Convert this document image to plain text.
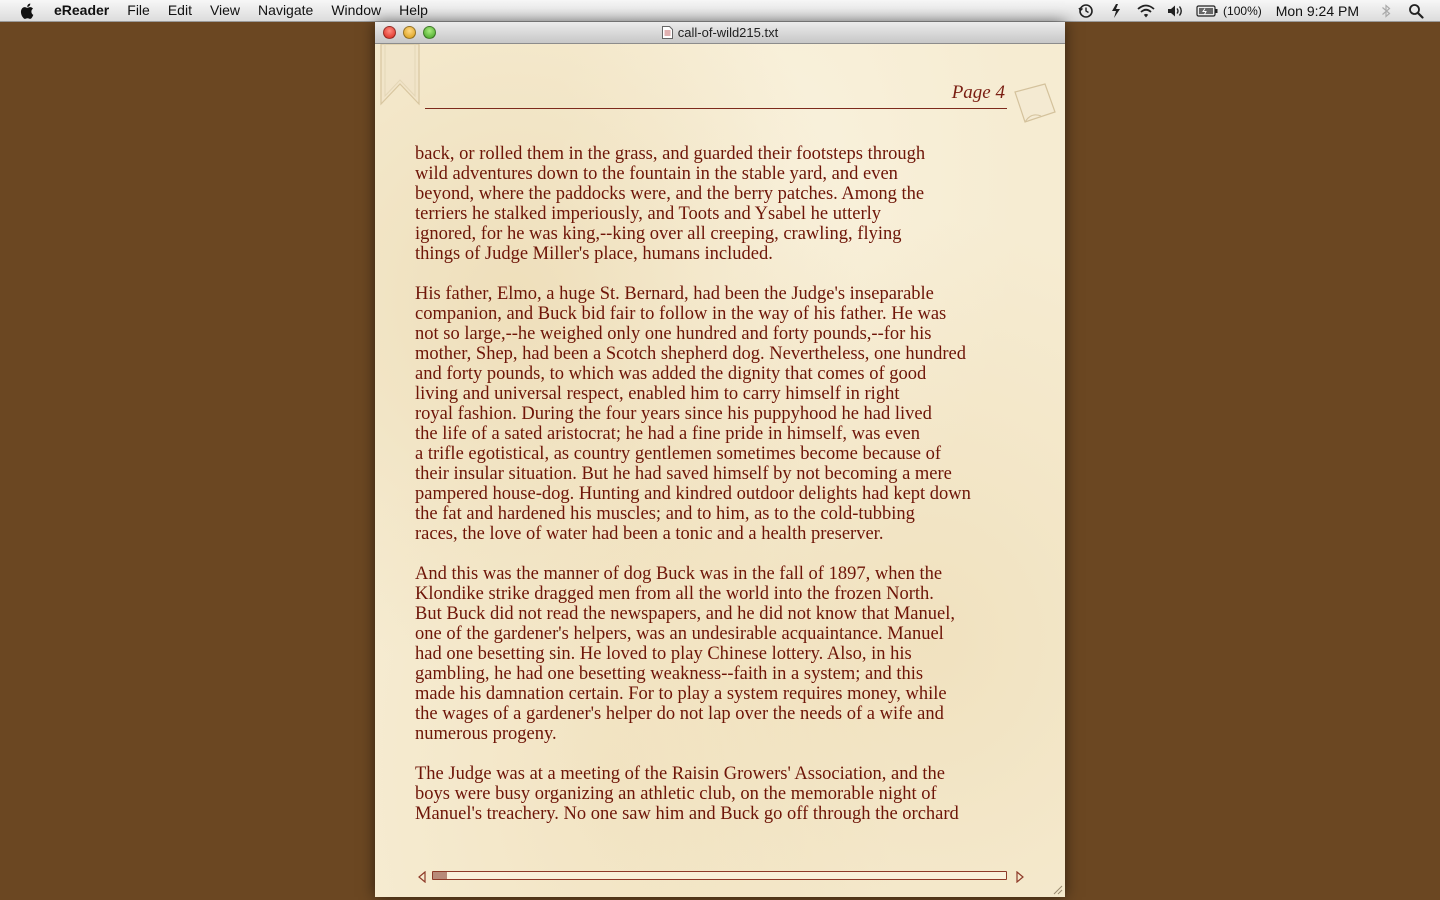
eReader	File	Edit	View	Navigate	Window	Help	(100%) Mon 9:24 PM
call-of-wild215.txt
Page 4

back, or rolled them in the grass, and guarded their footsteps through
wild adventures down to the fountain in the stable yard, and even
beyond, where the paddocks were, and the berry patches. Among the
terriers he stalked imperiously, and Toots and Ysabel he utterly
ignored, for he was king,--king over all creeping, crawling, flying
things of Judge Miller's place, humans included.

His father, Elmo, a huge St. Bernard, had been the Judge's inseparable
companion, and Buck bid fair to follow in the way of his father. He was
not so large,--he weighed only one hundred and forty pounds,--for his
mother, Shep, had been a Scotch shepherd dog. Nevertheless, one hundred
and forty pounds, to which was added the dignity that comes of good
living and universal respect, enabled him to carry himself in right
royal fashion. During the four years since his puppyhood he had lived
the life of a sated aristocrat; he had a fine pride in himself, was even
a trifle egotistical, as country gentlemen sometimes become because of
their insular situation. But he had saved himself by not becoming a mere
pampered house-dog. Hunting and kindred outdoor delights had kept down
the fat and hardened his muscles; and to him, as to the cold-tubbing
races, the love of water had been a tonic and a health preserver.

And this was the manner of dog Buck was in the fall of 1897, when the
Klondike strike dragged men from all the world into the frozen North.
But Buck did not read the newspapers, and he did not know that Manuel,
one of the gardener's helpers, was an undesirable acquaintance. Manuel
had one besetting sin. He loved to play Chinese lottery. Also, in his
gambling, he had one besetting weakness--faith in a system; and this
made his damnation certain. For to play a system requires money, while
the wages of a gardener's helper do not lap over the needs of a wife and
numerous progeny.

The Judge was at a meeting of the Raisin Growers' Association, and the
boys were busy organizing an athletic club, on the memorable night of
Manuel's treachery. No one saw him and Buck go off through the orchard
